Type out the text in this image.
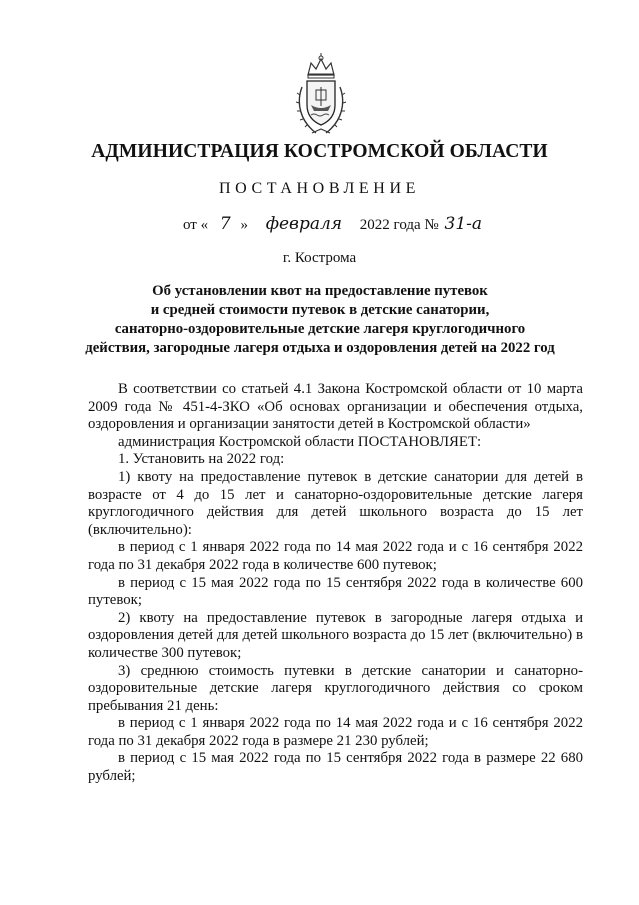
АДМИНИСТРАЦИЯ КОСТРОМСКОЙ ОБЛАСТИ
ПОСТАНОВЛЕНИЕ
от « 7 » февраля 2022 года № 31-а
г. Кострома
Об установлении квот на предоставление путевок
и средней стоимости путевок в детские санатории,
санаторно-оздоровительные детские лагеря круглогодичного
действия, загородные лагеря отдыха и оздоровления детей на 2022 год

В соответствии со статьей 4.1 Закона Костромской области от 10 марта 2009 года № 451-4-ЗКО «Об основах организации и обеспечения отдыха, оздоровления и организации занятости детей в Костромской области»

администрация Костромской области ПОСТАНОВЛЯЕТ:

1. Установить на 2022 год:

1) квоту на предоставление путевок в детские санатории для детей в возрасте от 4 до 15 лет и санаторно-оздоровительные детские лагеря круглогодичного действия для детей школьного возраста до 15 лет (включительно):

в период с 1 января 2022 года по 14 мая 2022 года и с 16 сентября 2022 года по 31 декабря 2022 года в количестве 600 путевок;

в период с 15 мая 2022 года по 15 сентября 2022 года в количестве 600 путевок;

2) квоту на предоставление путевок в загородные лагеря отдыха и оздоровления детей для детей школьного возраста до 15 лет (включительно) в количестве 300 путевок;

3) среднюю стоимость путевки в детские санатории и санаторно-оздоровительные детские лагеря круглогодичного действия со сроком пребывания 21 день:

в период с 1 января 2022 года по 14 мая 2022 года и с 16 сентября 2022 года по 31 декабря 2022 года в размере 21 230 рублей;

в период с 15 мая 2022 года по 15 сентября 2022 года в размере 22 680 рублей;
